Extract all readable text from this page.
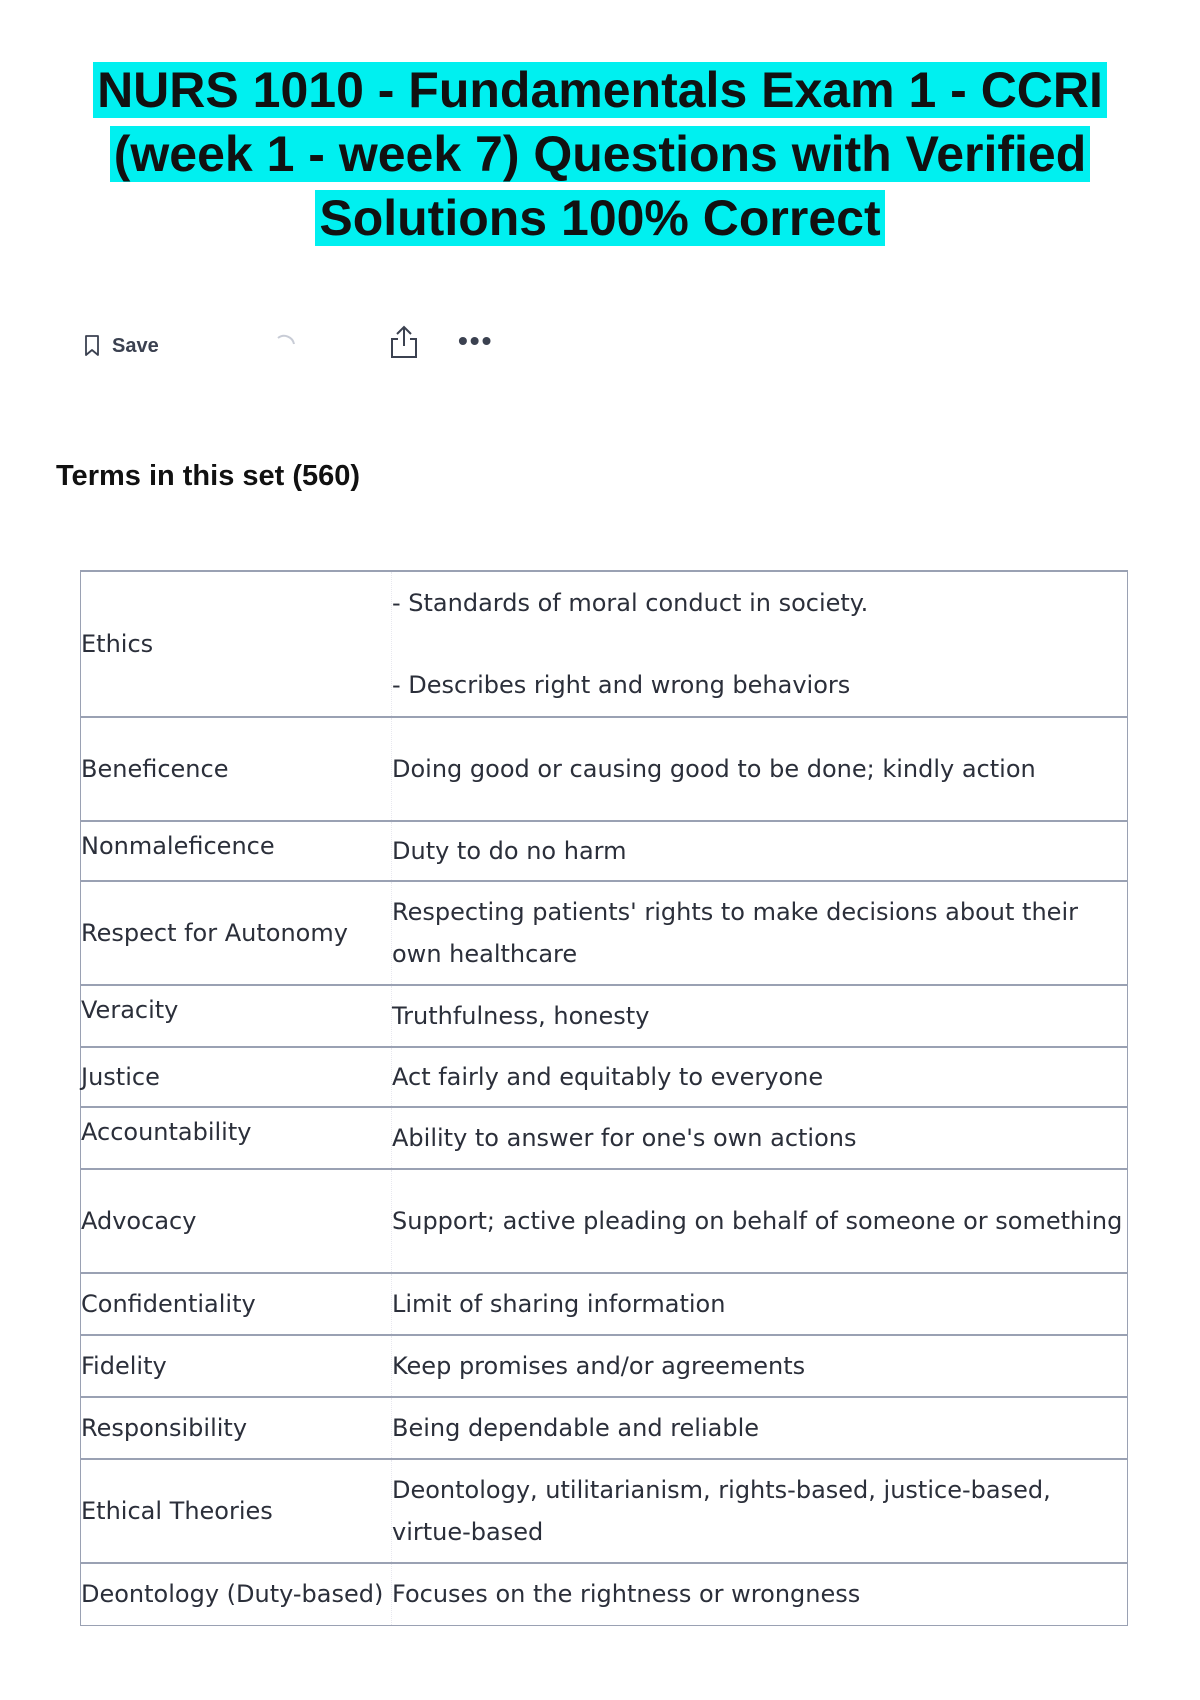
NURS 1010 - Fundamentals Exam 1 - CCRI (week 1 - week 7) Questions with Verified Solutions 100% Correct
Save	•••
Terms in this set (560)
Ethics	- Standards of moral conduct in society.
- Describes right and wrong behaviors

Beneficence	Doing good or causing good to be done; kindly action

Nonmaleficence	Duty to do no harm

Respect for Autonomy	Respecting patients' rights to make decisions about their own healthcare

Veracity	Truthfulness, honesty

Justice	Act fairly and equitably to everyone

Accountability	Ability to answer for one's own actions

Advocacy	Support; active pleading on behalf of someone or something

Confidentiality	Limit of sharing information

Fidelity	Keep promises and/or agreements

Responsibility	Being dependable and reliable

Ethical Theories	Deontology, utilitarianism, rights-based, justice-based, virtue-based

Deontology (Duty-based)	Focuses on the rightness or wrongness
